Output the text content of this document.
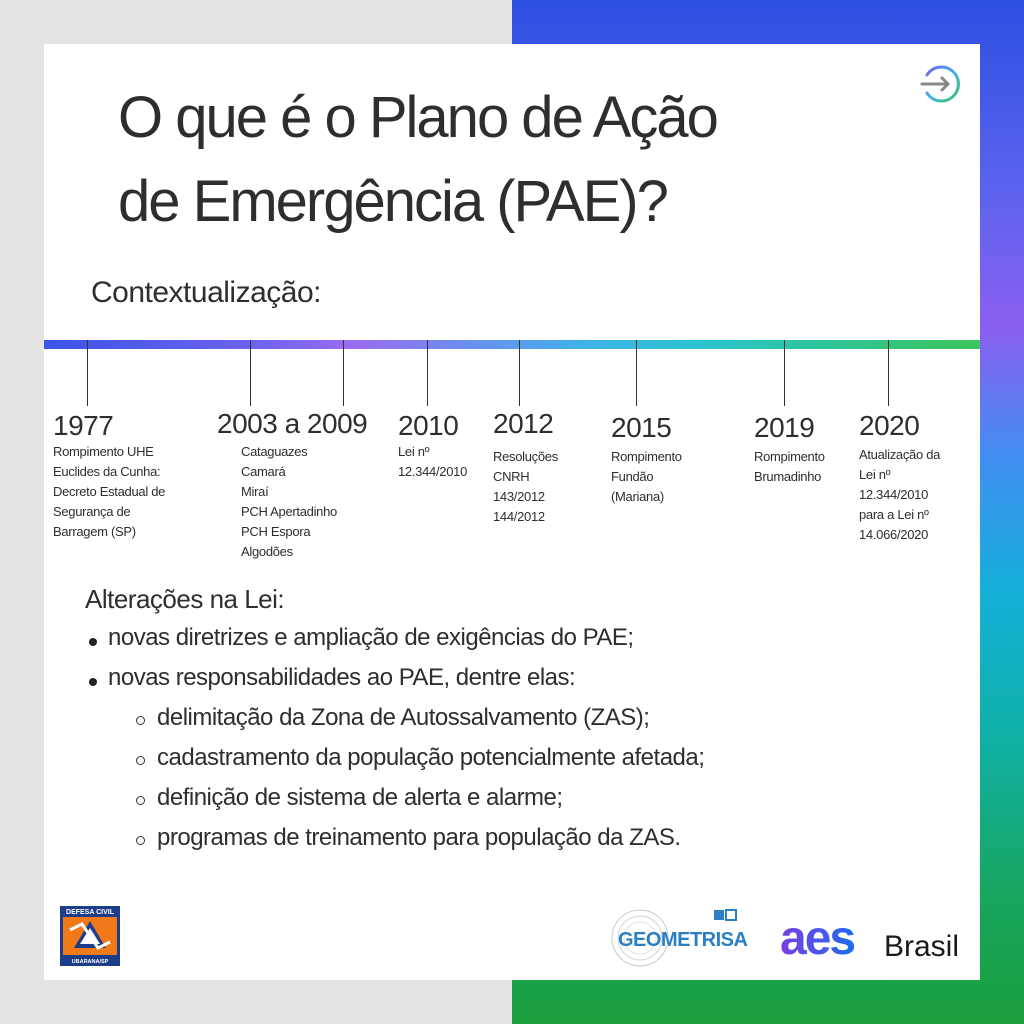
O que é o Plano de Ação
de Emergência (PAE)?
Contextualização:
1977
Rompimento UHE
Euclides da Cunha:
Decreto Estadual de
Segurança de
Barragem (SP)
2003 a 2009
Cataguazes
Camará
Miraí
PCH Apertadinho
PCH Espora
Algodões
2010
Lei nº
12.344/2010
2012
Resoluções
CNRH
143/2012
144/2012
2015
Rompimento
Fundão
(Mariana)
2019
Rompimento
Brumadinho
2020
Atualização da
Lei nº
12.344/2010
para a Lei nº
14.066/2020
Alterações na Lei:
novas diretrizes e ampliação de exigências do PAE;
novas responsabilidades ao PAE, dentre elas:
delimitação da Zona de Autossalvamento (ZAS);
cadastramento da população potencialmente afetada;
definição de sistema de alerta e alarme;
programas de treinamento para população da ZAS.
DEFESA CIVIL
UBARANA/SP
GEOMETRISA aes Brasil
